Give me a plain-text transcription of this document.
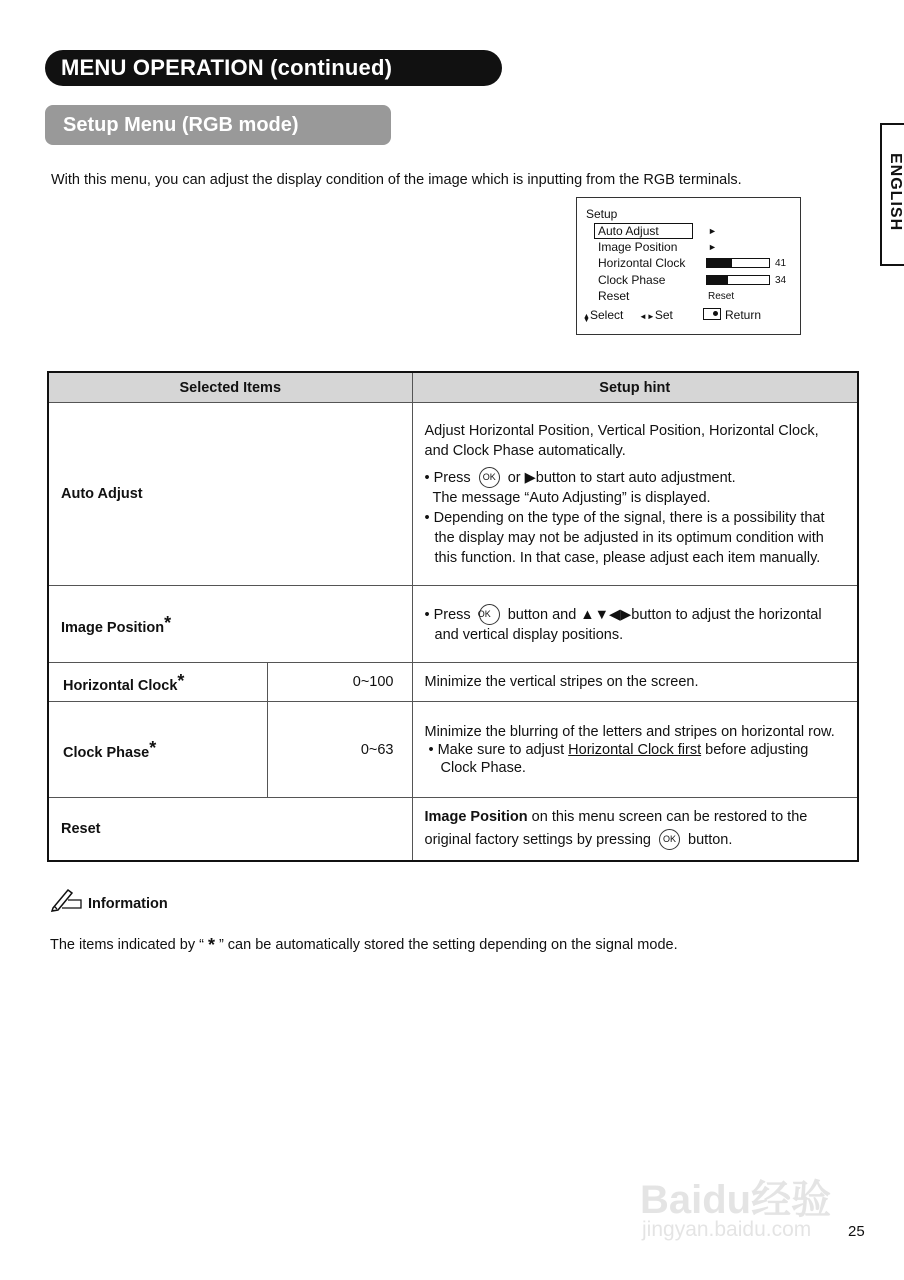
MENU OPERATION (continued)
Setup Menu (RGB mode)
ENGLISH
With this menu, you can adjust the display condition of the image which is inputting from the RGB terminals.
Setup
Auto Adjust	►
Image Position	►
Horizontal Clock	41
Clock Phase	34
Reset	Reset
▲▼Select ◄►Set	Return
Selected Items		Setup hint
Auto Adjust		Adjust Horizontal Position, Vertical Position, Horizontal Clock, and Clock Phase automatically.
• Press OK or ▶button to start auto adjustment.
The message “Auto Adjusting” is displayed.
• Depending on the type of the signal, there is a possibility that the display may not be adjusted in its optimum condition with this function. In that case, please adjust each item manually.

Image Position*		• Press OK button and ▲▼◀▶button to adjust the horizontal and vertical display positions.

Horizontal Clock*	0~100	Minimize the vertical stripes on the screen.
Clock Phase*	0~63	Minimize the blurring of the letters and stripes on horizontal row.
• Make sure to adjust Horizontal Clock first before adjusting Clock Phase.

Reset		Image Position on this menu screen can be restored to the original factory settings by pressing OK button.
Information
The items indicated by “ * ” can be automatically stored the setting depending on the signal mode.
Baidu经验
jingyan.baidu.com 25
